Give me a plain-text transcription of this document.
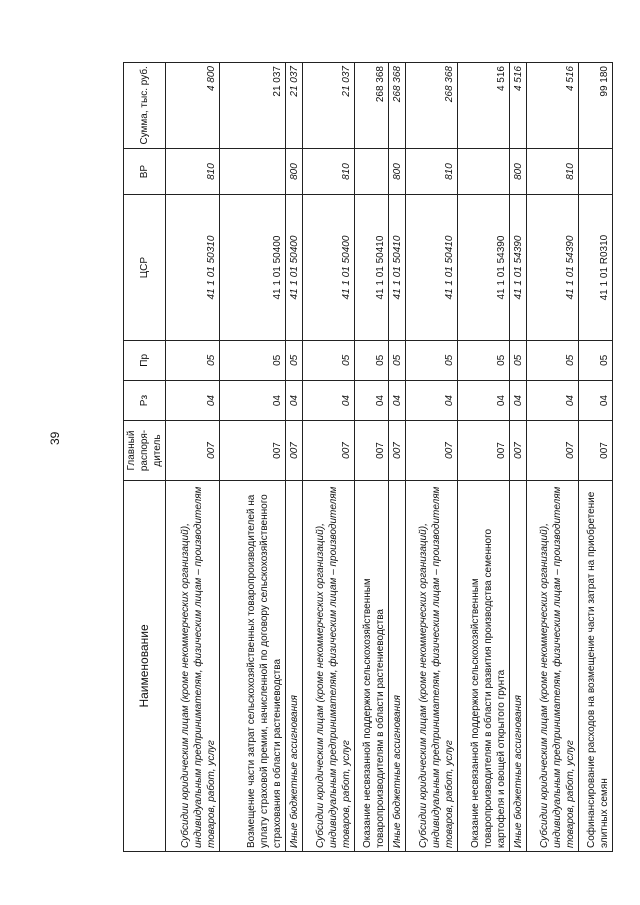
39
Наименование	Главный распоря-дитель	Рз	Пр	ЦСР	ВР	Сумма, тыс. руб.
Субсидии юридическим лицам (кроме некоммерческих организаций), индивидуальным предпринимателям, физическим лицам – производителям товаров, работ, услуг	007	04	05	41 1 01 50310	810	4 800
Возмещение части затрат сельскохозяйственных товаропроизводителей на уплату страховой премии, начисленной по договору сельскохозяйственного страхования в области растениеводства	007	04	05	41 1 01 50400		21 037
Иные бюджетные ассигнования	007	04	05	41 1 01 50400	800	21 037
Субсидии юридическим лицам (кроме некоммерческих организаций), индивидуальным предпринимателям, физическим лицам – производителям товаров, работ, услуг	007	04	05	41 1 01 50400	810	21 037
Оказание несвязанной поддержки сельскохозяйственным товаропроизводителям в области растениеводства	007	04	05	41 1 01 50410		268 368
Иные бюджетные ассигнования	007	04	05	41 1 01 50410	800	268 368
Субсидии юридическим лицам (кроме некоммерческих организаций), индивидуальным предпринимателям, физическим лицам – производителям товаров, работ, услуг	007	04	05	41 1 01 50410	810	268 368
Оказание несвязанной поддержки сельскохозяйственным товаропроизводителям в области развития производства семенного картофеля и овощей открытого грунта	007	04	05	41 1 01 54390		4 516
Иные бюджетные ассигнования	007	04	05	41 1 01 54390	800	4 516
Субсидии юридическим лицам (кроме некоммерческих организаций), индивидуальным предпринимателям, физическим лицам – производителям товаров, работ, услуг	007	04	05	41 1 01 54390	810	4 516
Софинансирование расходов на возмещение части затрат на приобретение элитных семян	007	04	05	41 1 01 R0310		99 180
